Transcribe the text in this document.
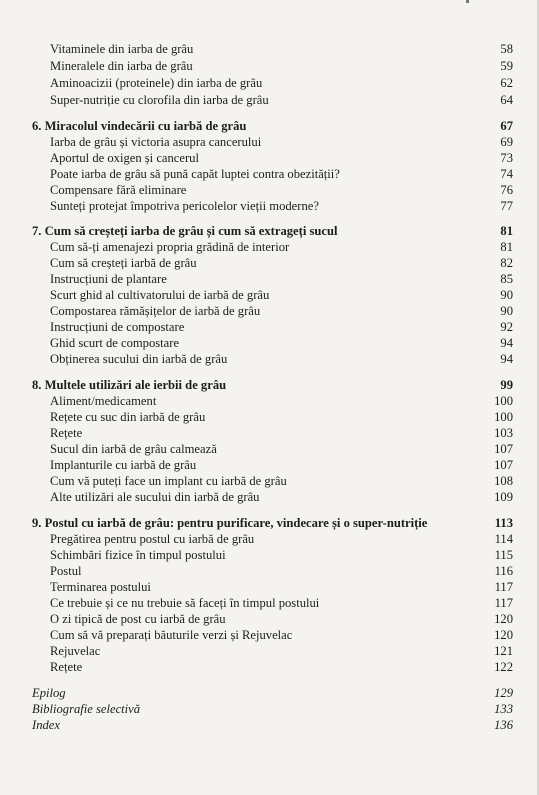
Vitaminele din iarba de grâu	58
Mineralele din iarba de grâu	59
Aminoacizii (proteinele) din iarba de grâu	62
Super-nutriție cu clorofila din iarba de grâu	64
6. Miracolul vindecării cu iarbă de grâu	67
Iarba de grâu și victoria asupra cancerului	69
Aportul de oxigen și cancerul	73
Poate iarba de grâu să pună capăt luptei contra obezității?	74
Compensare fără eliminare	76
Sunteți protejat împotriva pericolelor vieții moderne?	77
7. Cum să creșteți iarba de grâu și cum să extrageți sucul	81
Cum să-ți amenajezi propria grădină de interior	81
Cum să creșteți iarbă de grâu	82
Instrucțiuni de plantare	85
Scurt ghid al cultivatorului de iarbă de grâu	90
Compostarea rămășițelor de iarbă de grâu	90
Instrucțiuni de compostare	92
Ghid scurt de compostare	94
Obținerea sucului din iarbă de grâu	94
8. Multele utilizări ale ierbii de grâu	99
Aliment/medicament	100
Rețete cu suc din iarbă de grâu	100
Rețete	103
Sucul din iarbă de grâu calmează	107
Implanturile cu iarbă de grâu	107
Cum vă puteți face un implant cu iarbă de grâu	108
Alte utilizări ale sucului din iarbă de grâu	109
9. Postul cu iarbă de grâu: pentru purificare, vindecare și o super-nutriție	113
Pregătirea pentru postul cu iarbă de grâu	114
Schimbări fizice în timpul postului	115
Postul	116
Terminarea postului	117
Ce trebuie și ce nu trebuie să faceți în timpul postului	117
O zi tipică de post cu iarbă de grâu	120
Cum să vă preparați băuturile verzi și Rejuvelac	120
Rejuvelac	121
Rețete	122
Epilog	129
Bibliografie selectivă	133
Index	136
